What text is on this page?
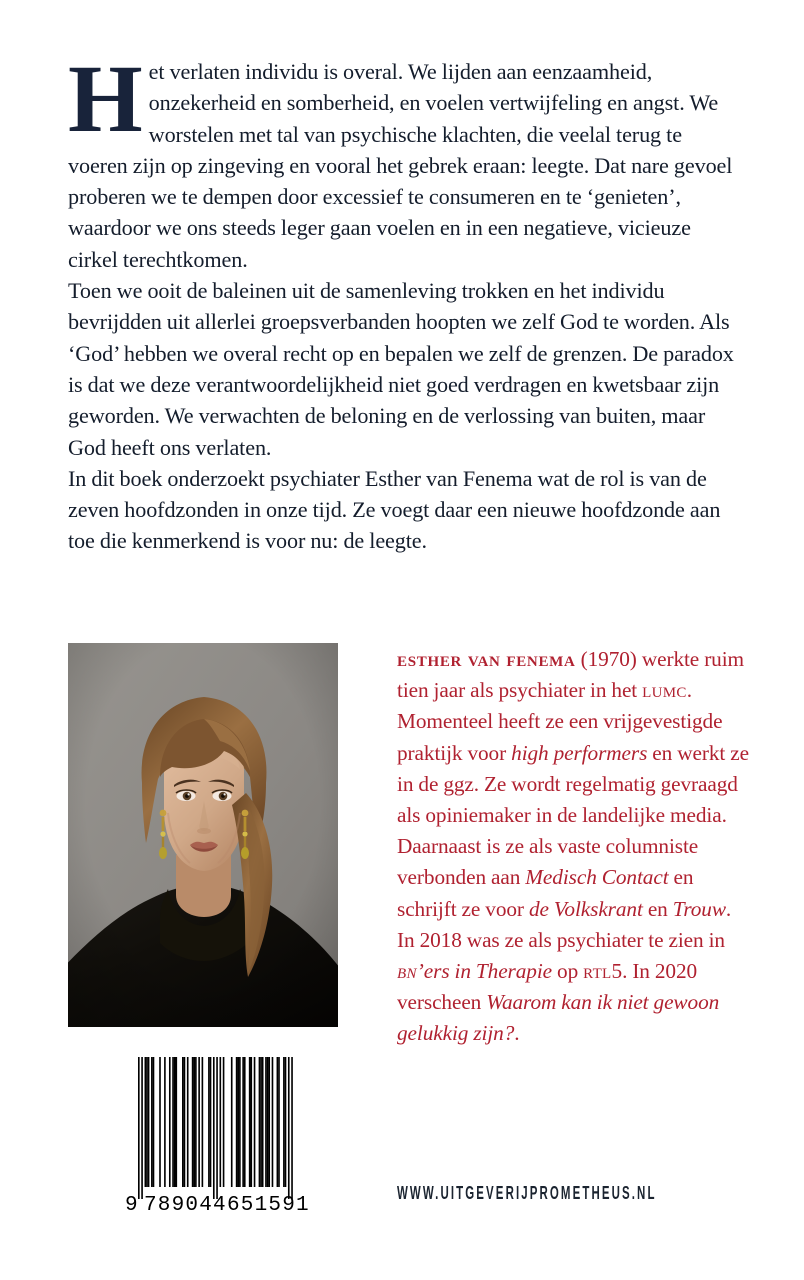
Het verlaten individu is overal. We lijden aan eenzaamheid, onzekerheid en somberheid, en voelen vertwijfeling en angst. We worstelen met tal van psychische klachten, die veelal terug te voeren zijn op zingeving en vooral het gebrek eraan: leegte. Dat nare gevoel proberen we te dempen door excessief te consumeren en te ‘genieten’, waardoor we ons steeds leger gaan voelen en in een negatieve, vicieuze cirkel terechtkomen.

Toen we ooit de baleinen uit de samenleving trokken en het individu bevrijdden uit allerlei groepsverbanden hoopten we zelf God te worden. Als ‘God’ hebben we overal recht op en bepalen we zelf de grenzen. De paradox is dat we deze verantwoordelijkheid niet goed verdragen en kwetsbaar zijn geworden. We verwachten de beloning en de verlossing van buiten, maar God heeft ons verlaten.

In dit boek onderzoekt psychiater Esther van Fenema wat de rol is van de zeven hoofdzonden in onze tijd. Ze voegt daar een nieuwe hoofdzonde aan toe die kenmerkend is voor nu: de leegte.

esther van fenema (1970) werkte ruim tien jaar als psychiater in het lumc. Momenteel heeft ze een vrijgevestigde praktijk voor high performers en werkt ze in de ggz. Ze wordt regelmatig gevraagd als opiniemaker in de landelijke media. Daarnaast is ze als vaste columniste verbonden aan Medisch Contact en schrijft ze voor de Volkskrant en Trouw. In 2018 was ze als psychiater te zien in bn’ers in Therapie op rtl5. In 2020 verscheen Waarom kan ik niet gewoon gelukkig zijn?.
9 789044 651591
WWW.UITGEVERIJPROMETHEUS.NL
